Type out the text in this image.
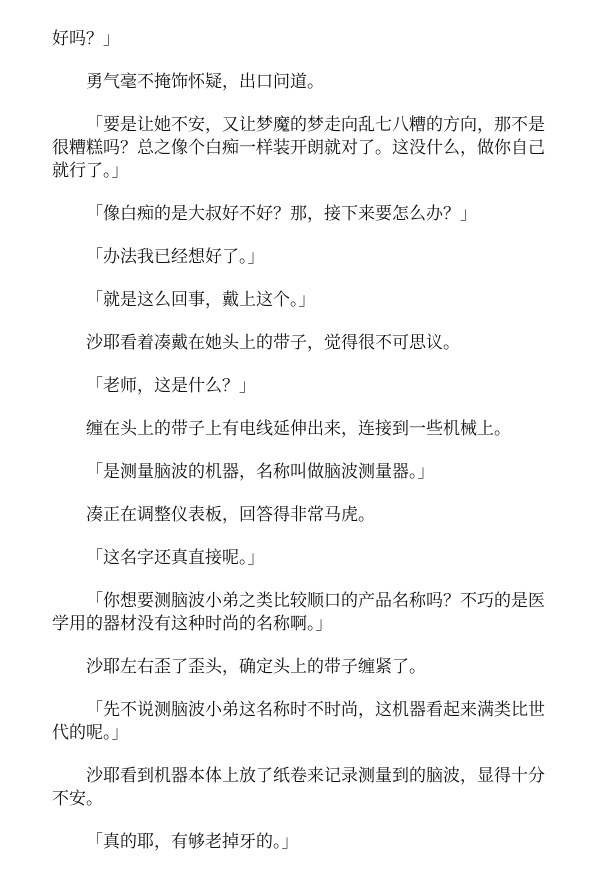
好吗？」

勇气毫不掩饰怀疑，出口问道。

「要是让她不安，又让梦魔的梦走向乱七八糟的方向，那不是很糟糕吗？总之像个白痴一样装开朗就对了。这没什么，做你自己就行了。」

「像白痴的是大叔好不好？那，接下来要怎么办？」

「办法我已经想好了。」

「就是这么回事，戴上这个。」

沙耶看着凑戴在她头上的带子，觉得很不可思议。

「老师，这是什么？」

缠在头上的带子上有电线延伸出来，连接到一些机械上。

「是测量脑波的机器，名称叫做脑波测量器。」

凑正在调整仪表板，回答得非常马虎。

「这名字还真直接呢。」

「你想要测脑波小弟之类比较顺口的产品名称吗？不巧的是医学用的器材没有这种时尚的名称啊。」

沙耶左右歪了歪头，确定头上的带子缠紧了。

「先不说测脑波小弟这名称时不时尚，这机器看起来满类比世代的呢。」

沙耶看到机器本体上放了纸卷来记录测量到的脑波，显得十分不安。

「真的耶，有够老掉牙的。」
